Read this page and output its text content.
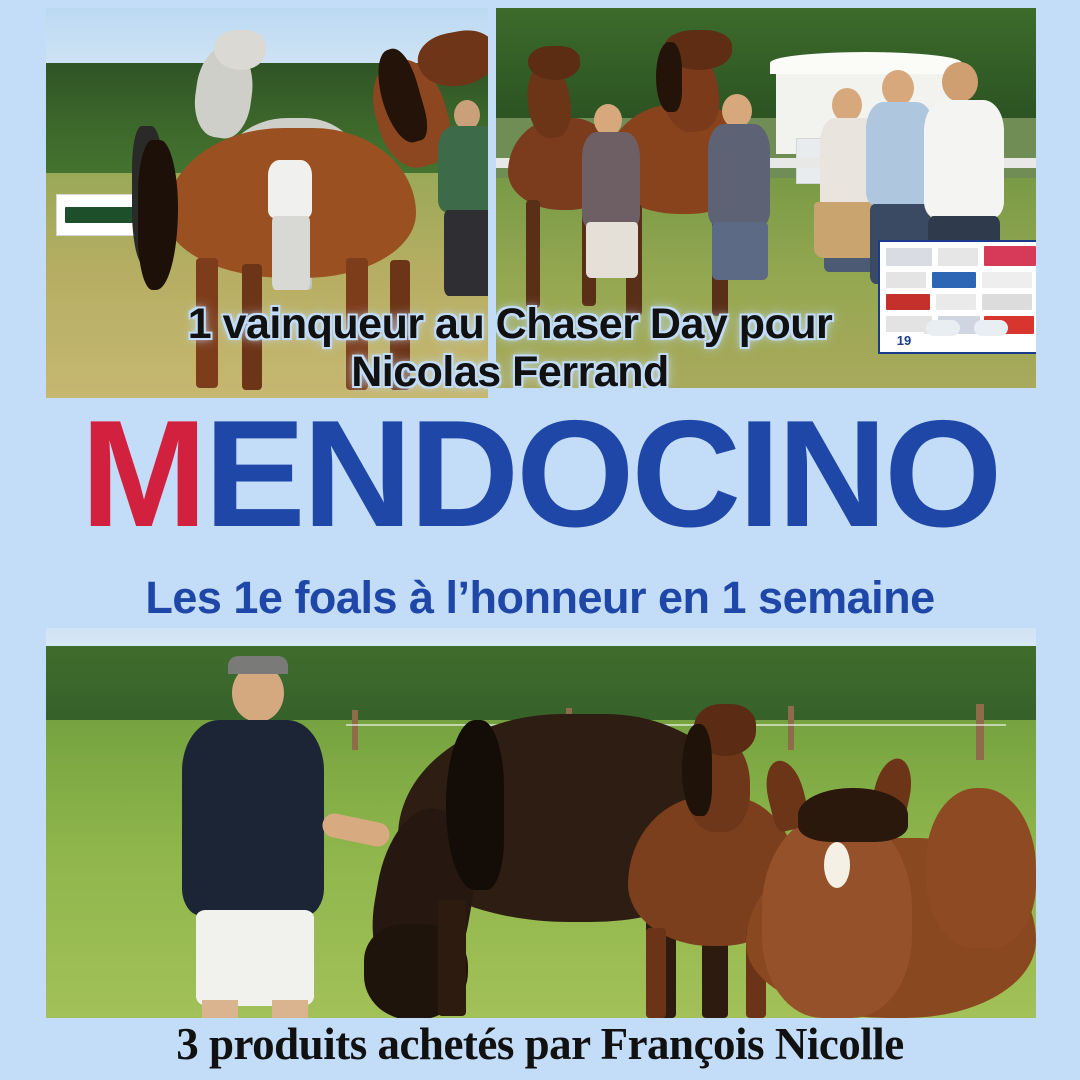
19
1 vainqueur au Chaser Day pour
Nicolas Ferrand
MENDOCINO
Les 1e foals à l’honneur en 1 semaine
3 produits achetés par François Nicolle
